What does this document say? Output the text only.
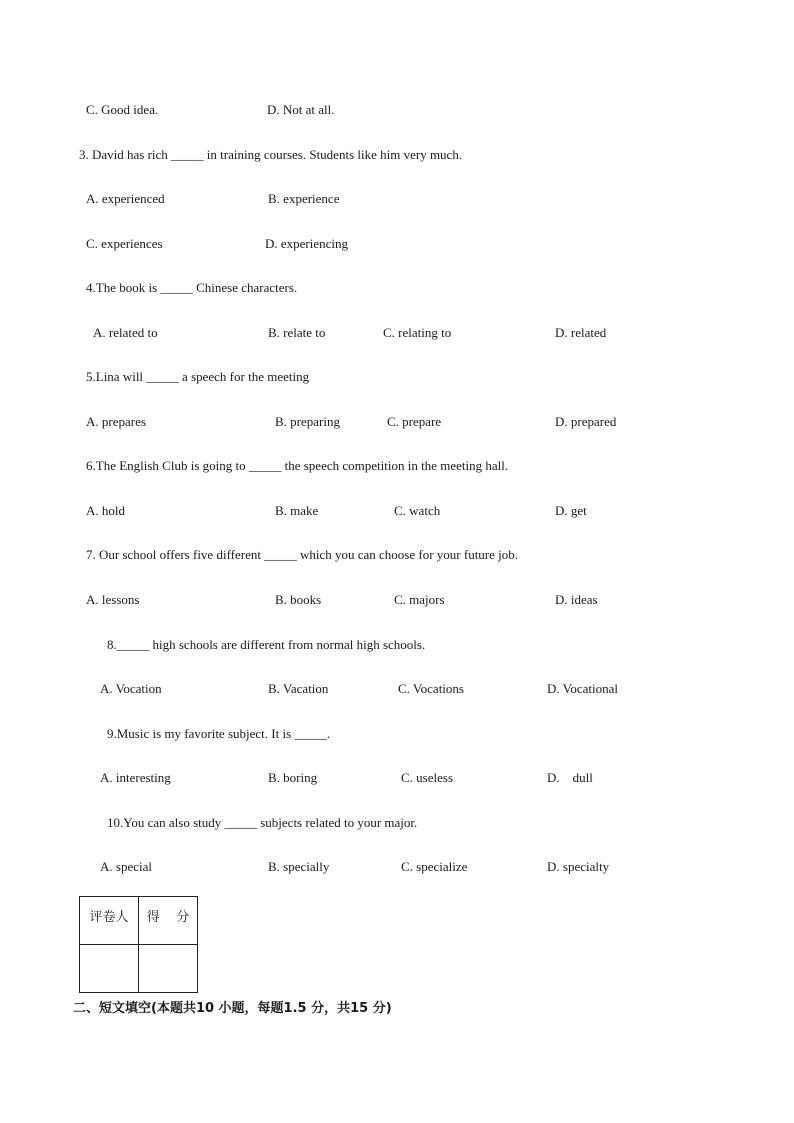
C. Good idea.	D. Not at all.
3. David has rich _____ in training courses. Students like him very much.
A. experienced	B. experience
C. experiences	D. experiencing
4.The book is _____ Chinese characters.
A. related to	B. relate to	C. relating to	D. related
5.Lina will _____ a speech for the meeting
A. prepares	B. preparing	C. prepare	D. prepared
6.The English Club is going to _____ the speech competition in the meeting hall.
A. hold	B. make	C. watch	D. get
7. Our school offers five different _____ which you can choose for your future job.
A. lessons	B. books	C. majors	D. ideas
8._____ high schools are different from normal high schools.
A. Vocation	B. Vacation	C. Vocations	D. Vocational
9.Music is my favorite subject. It is _____.
A. interesting	B. boring	C. useless	D.    dull
10.You can also study _____ subjects related to your major.
A. special	B. specially	C. specialize	D. specialty
评卷人	得    分

二、短文填空(本题共10 小题，每题1.5 分，共15 分)
